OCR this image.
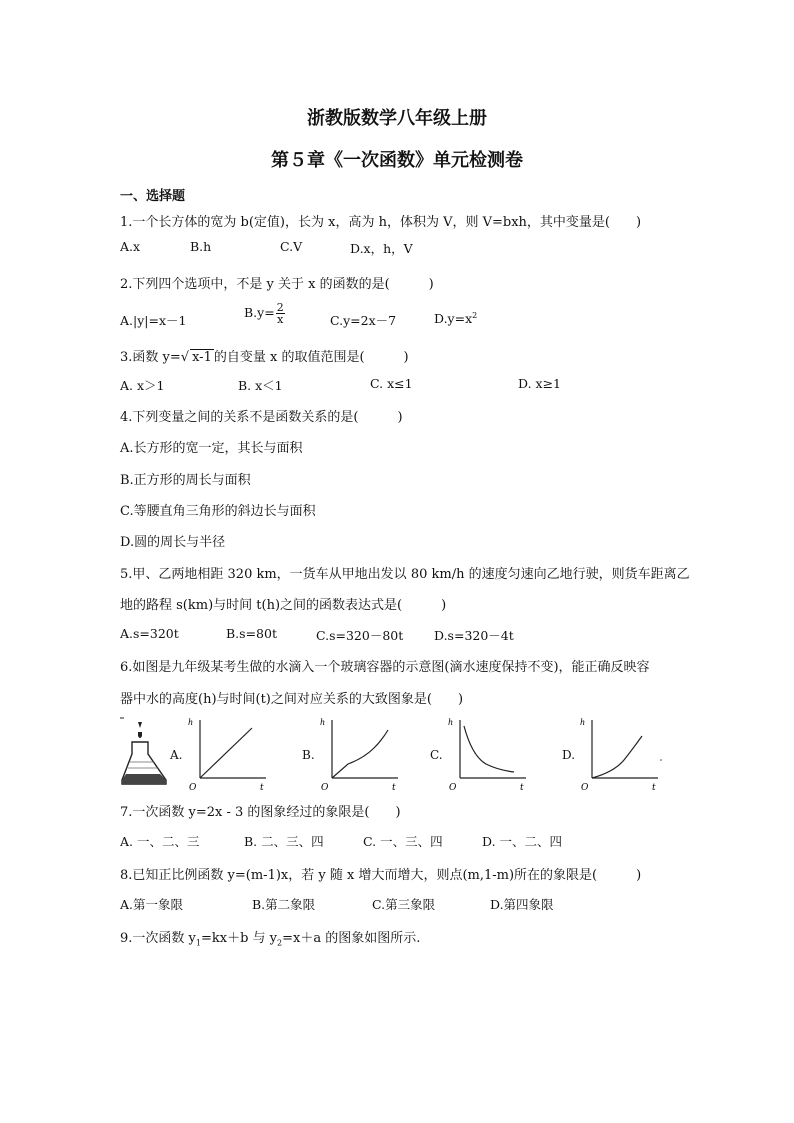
浙教版数学八年级上册
第５章《一次函数》单元检测卷
一、选择题
1.一个长方体的宽为 b(定值)，长为 x，高为 h，体积为 V，则 V=bxh，其中变量是(　　)
A.x	B.h	C.V	D.x，h，V
2.下列四个选项中，不是 y 关于 x 的函数的是(　　　)
A.|y|=x－1
$B.y= \frac{2}{x}$	C.y=2x－7	$D.y=x^2$
3.函数 y=√ x-1 的自变量 x 的取值范围是(　　　)
A. x＞1	B. x＜1	C. x≤1	D. x≥1
4.下列变量之间的关系不是函数关系的是(　　　)
A.长方形的宽一定，其长与面积
B.正方形的周长与面积
C.等腰直角三角形的斜边长与面积
D.圆的周长与半径
5.甲、乙两地相距 320 km，一货车从甲地出发以 80 km/h 的速度匀速向乙地行驶，则货车距离乙
地的路程 s(km)与时间 t(h)之间的函数表达式是(　　　)
A.s=320t	B.s=80t	C.s=320－80t D.s=320－4t
6.如图是九年级某考生做的水滴入一个玻璃容器的示意图(滴水速度保持不变)，能正确反映容
器中水的高度(h)与时间(t)之间对应关系的大致图象是(　　)
A.
h
O	t
B.
h
O	t
C.
h
O	t
D.
h
O	t
7.一次函数 y=2x - 3 的图象经过的象限是(　　)
A. 一、二、三	B. 二、三、四	C. 一、三、四	D. 一、二、四
8.已知正比例函数 y=(m-1)x，若 y 随 x 增大而增大，则点(m,1-m)所在的象限是(　　　)
A.第一象限	B.第二象限	C.第三象限	D.第四象限
9.一次函数 $y_1=kx+b$ 与 $y_2=x+a$ 的图象如图所示.
